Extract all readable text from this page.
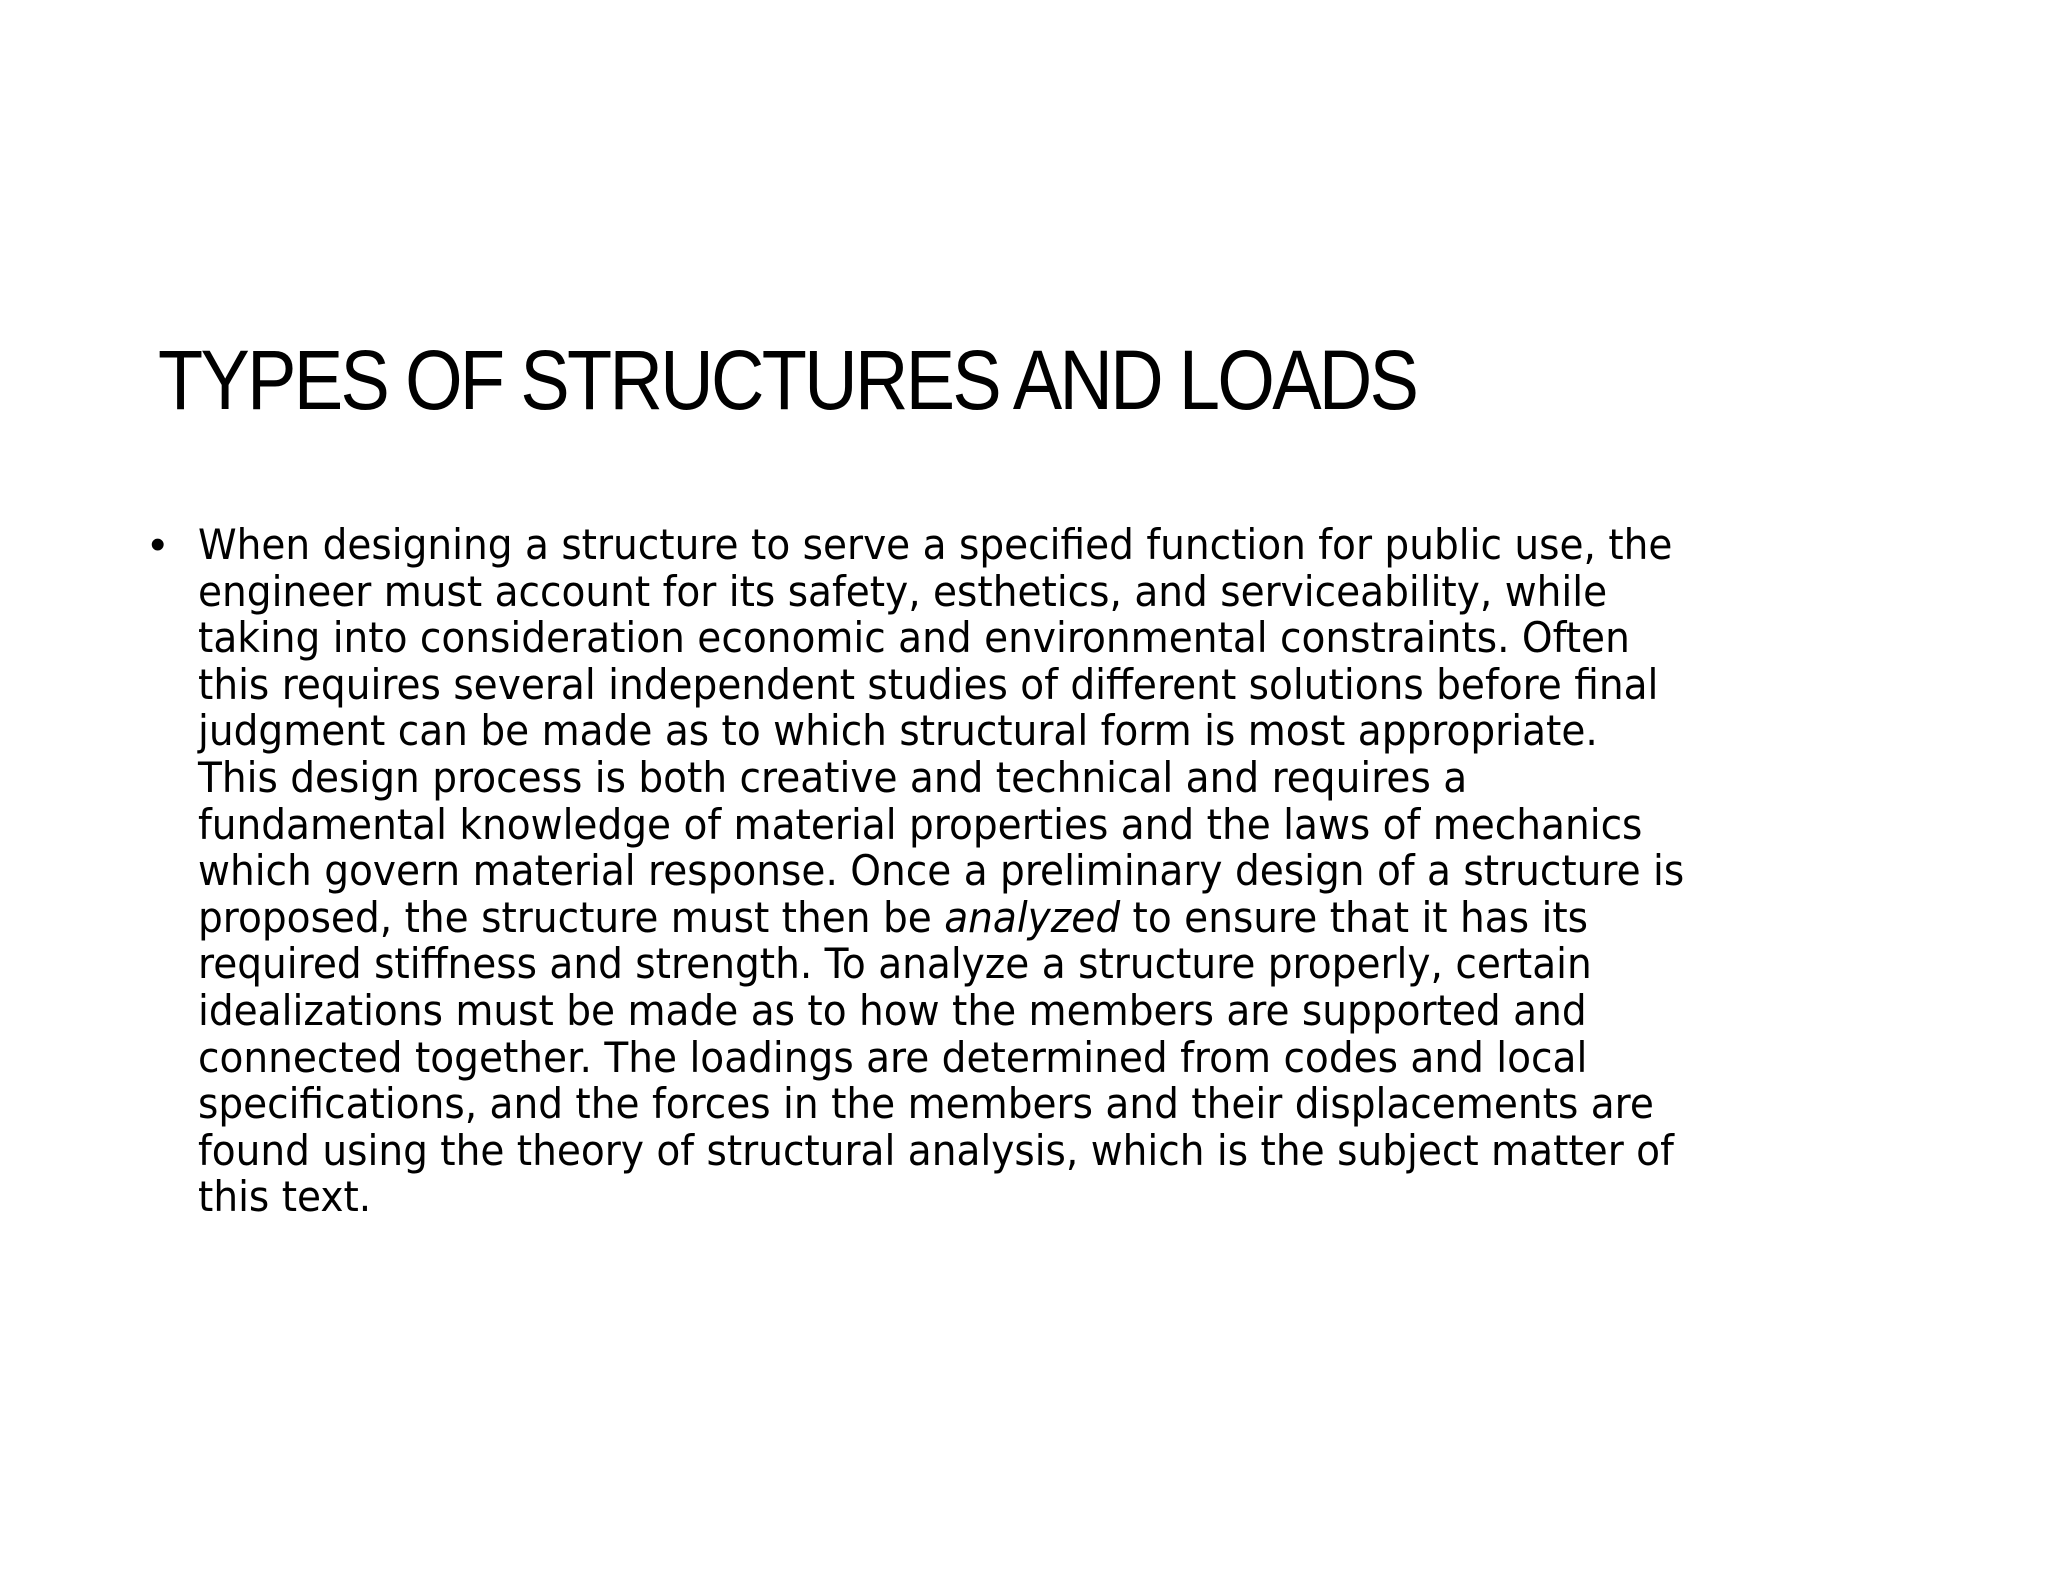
TYPES OF STRUCTURES AND LOADS
• When designing a structure to serve a specified function for public use, the
engineer must account for its safety, esthetics, and serviceability, while
taking into consideration economic and environmental constraints. Often
this requires several independent studies of different solutions before final
judgment can be made as to which structural form is most appropriate.
This design process is both creative and technical and requires a
fundamental knowledge of material properties and the laws of mechanics
which govern material response. Once a preliminary design of a structure is
proposed, the structure must then be analyzed to ensure that it has its
required stiffness and strength. To analyze a structure properly, certain
idealizations must be made as to how the members are supported and
connected together. The loadings are determined from codes and local
specifications, and the forces in the members and their displacements are
found using the theory of structural analysis, which is the subject matter of
this text.
